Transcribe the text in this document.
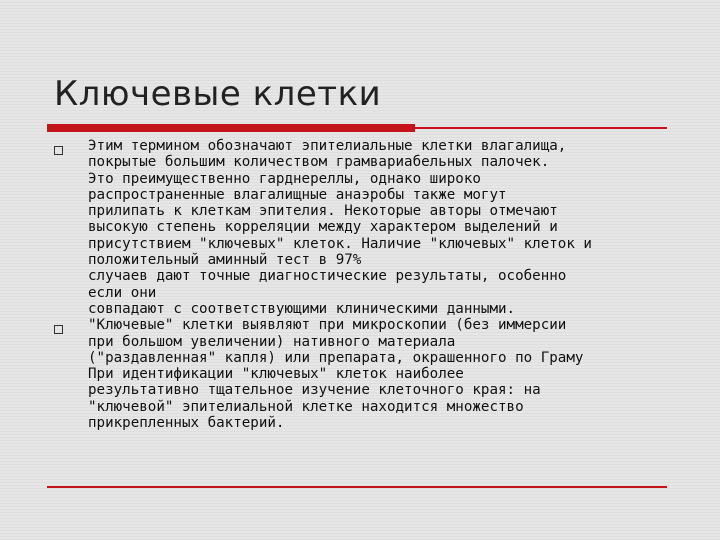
Ключевые клетки
Этим термином обозначают эпителиальные клетки влагалища,
покрытые большим количеством грамвариабельных палочек.
Это преимущественно гарднереллы, однако широко
распространенные влагалищные анаэробы также могут
прилипать к клеткам эпителия. Некоторые авторы отмечают
высокую степень корреляции между характером выделений и
присутствием "ключевых" клеток. Наличие "ключевых" клеток и
положительный аминный тест в 97%
случаев дают точные диагностические результаты, особенно
если они
совпадают с соответствующими клиническими данными.
"Ключевые" клетки выявляют при микроскопии (без иммерсии
при большом увеличении) нативного материала
("раздавленная" капля) или препарата, окрашенного по Граму
При идентификации "ключевых" клеток наиболее
результативно тщательное изучение клеточного края: на
"ключевой" эпителиальной клетке находится множество
прикрепленных бактерий.
